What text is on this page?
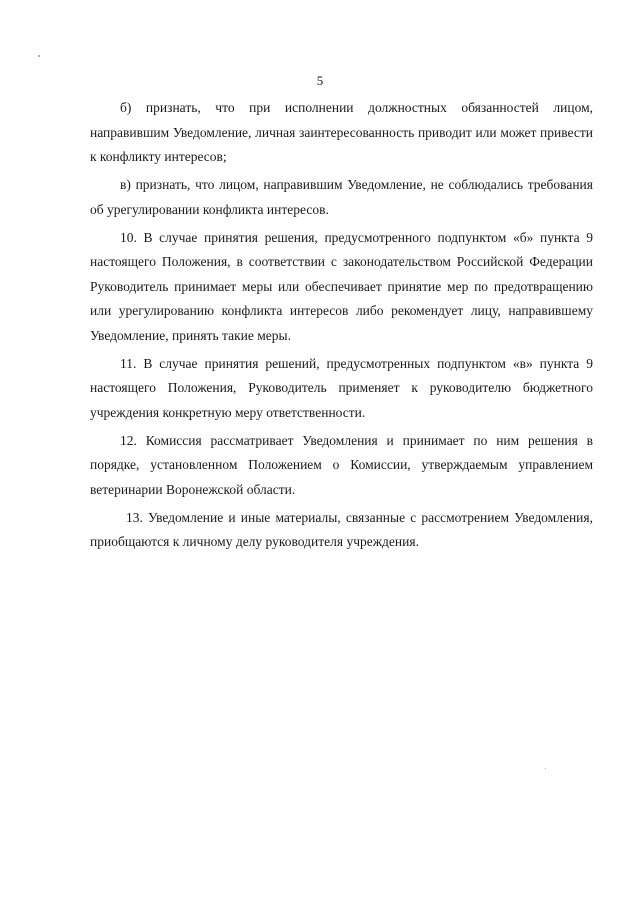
5

б) признать, что при исполнении должностных обязанностей лицом, направившим Уведомление, личная заинтересованность приводит или может привести к конфликту интересов;

в) признать, что лицом, направившим Уведомление, не соблюдались требования об урегулировании конфликта интересов.

10. В случае принятия решения, предусмотренного подпунктом «б» пункта 9 настоящего Положения, в соответствии с законодательством Российской Федерации Руководитель принимает меры или обеспечивает принятие мер по предотвращению или урегулированию конфликта интересов либо рекомендует лицу, направившему Уведомление, принять такие меры.

11. В случае принятия решений, предусмотренных подпунктом «в» пункта 9 настоящего Положения, Руководитель применяет к руководителю бюджетного учреждения конкретную меру ответственности.

12. Комиссия рассматривает Уведомления и принимает по ним решения в порядке, установленном Положением о Комиссии, утверждаемым управлением ветеринарии Воронежской области.

13. Уведомление и иные материалы, связанные с рассмотрением Уведомления, приобщаются к личному делу руководителя учреждения.
